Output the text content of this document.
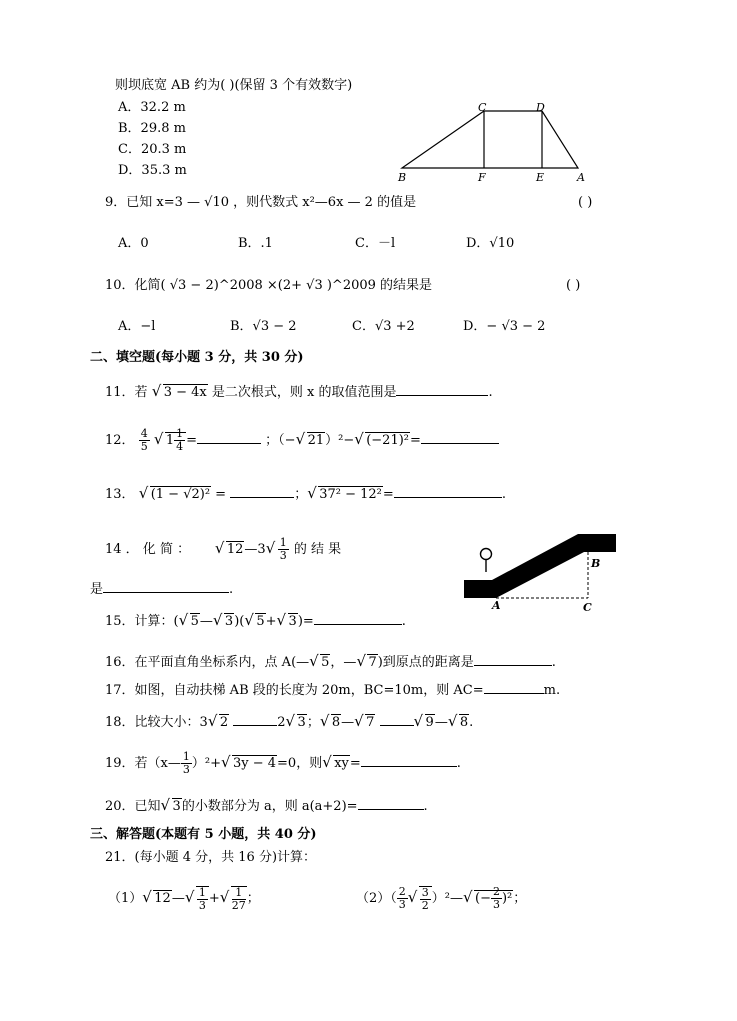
则坝底宽 AB 约为( )(保留 3 个有效数字)
A．32.2 m
B．29.8 m
C．20.3 m
D．35.3 m
C	D
B	F	E	A
9．已知 x=3 — √10 ，则代数式 x²—6x — 2 的值是	( )
A．0	B．.1	C．－l	D．√10
10．化简( √3 − 2)^2008 ×(2+ √3 )^2009 的结果是	( )
A．−l	B．√3 − 2	C．√3 +2	D．− √3 − 2
二、填空题(每小题 3 分，共 30 分)
11．若 √ 3 − 4x 是二次根式，则 x 的取值范围是	.
12． $\frac{4}{5}$
√ $1 \frac{1}{4}$ =	；（−√ 21）²−√ (−21)²=
13． √ (1 − √2)² =	；√ 37² − 12²=	.
14 ． 化 简 ：      √	12—3
√ $\frac{1}{3}$ 的 结 果
是	.
A
B
C
15．计算：(√ 5—√ 3)(√ 5+√ 3)=	.
16．在平面直角坐标系内，点 A(—√ 5，—√ 7)到原点的距离是	.
17．如图，自动扶梯 AB 段的长度为 20m，BC=10m，则 AC=	m.
18．比较大小：3√ 2	2√ 3；√ 8—√ 7 √	9—√ 8.
19．若（x— $\frac{1}{3} )^2+√$ 3y − 4=0，则√ xy=	.
20．已知√ 3的小数部分为 a，则 a(a+2)=	.
三、解答题(本题有 5 小题，共 40 分)
21．(每小题 4 分，共 16 分)计算：
（1）√ 12—
√ $\frac{1}{3}$ +
√ $\frac{1}{27}$ ；	$(2)( \frac{2}{3}$
√ $\frac{3}{2}$ ）²—√ (− $\frac{2}{3} )^2$；
